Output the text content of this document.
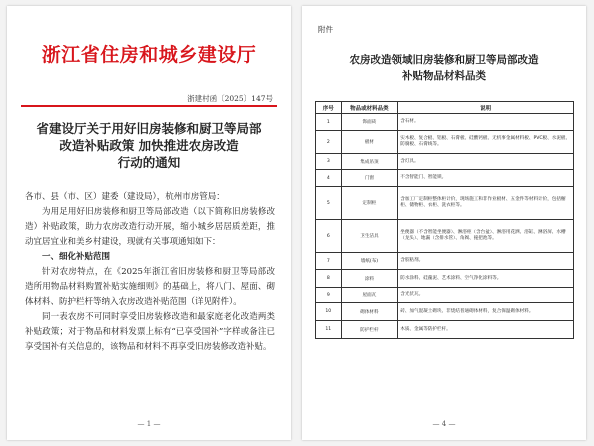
浙江省住房和城乡建设厅
浙建村函〔2025〕147号
省建设厅关于用好旧房装修和厨卫等局部
改造补贴政策 加快推进农房改造
行动的通知
各市、县（市、区）建委（建设局），杭州市房管局：

为用足用好旧房装修和厨卫等局部改造（以下简称旧房装修改造）补贴政策，助力农房改造行动开展，缩小城乡居居质差距，推动宜居宜业和美乡村建设，现就有关事项通知如下：

一、细化补贴范围

针对农房特点，在《2025年浙江省旧房装修和厨卫等局部改造所用物品材料购置补贴实施细则》的基础上，将八门、屋面、砌体材料、防护栏杆等纳入农房改造补贴范围（详见附件）。

同一表农房不可同时享受旧房装修改造和最家庭老化改造两类补贴政策；对于物品和材料发票上标有“已享受国补”字样或备注已享受国补有关信息的，该物品和材料不再享受旧房装修改造补贴。

— 1 —
附件
农房改造领域旧房装修和厨卫等局部改造
补贴物品材料品类
序号	物品或材料品类	说明
1	饰面砖	含石材。
2	板材	实木板、复合板、铝板、石膏板、硅酸钙板、无机事金属材料板、PVC板、水泥板、防腐板、石膏线等。
3	集成吊顶	含灯具。
4	门窗	不含智能门、智能锁。
5	定制柜	含加工厂定制柜整体柜计价，现场施工和非作业板材、五金件等材料计价，包括橱柜、储物柜、衣柜、洗衣柜等。
6	卫生洁具	坐便器（不含智能坐便器）、淋浴柜（含台盆）、淋浴用花洒、浴缸、淋浴屏、水槽（龙头）、地漏（含排水管）、角阀、拖把池等。
7	墙纸(布)	含胶粘剂。
8	涂料	防水涂料、硅藻泥、艺术涂料、空气净化涂料等。
9	屋面瓦	含光伏瓦。
10	砌体材料	砖、加气混凝土砌块、非烧结普通砌体材料，复合保温砌体材料。
11	防护栏杆	木质、金属等防护栏杆。
— 4 —
